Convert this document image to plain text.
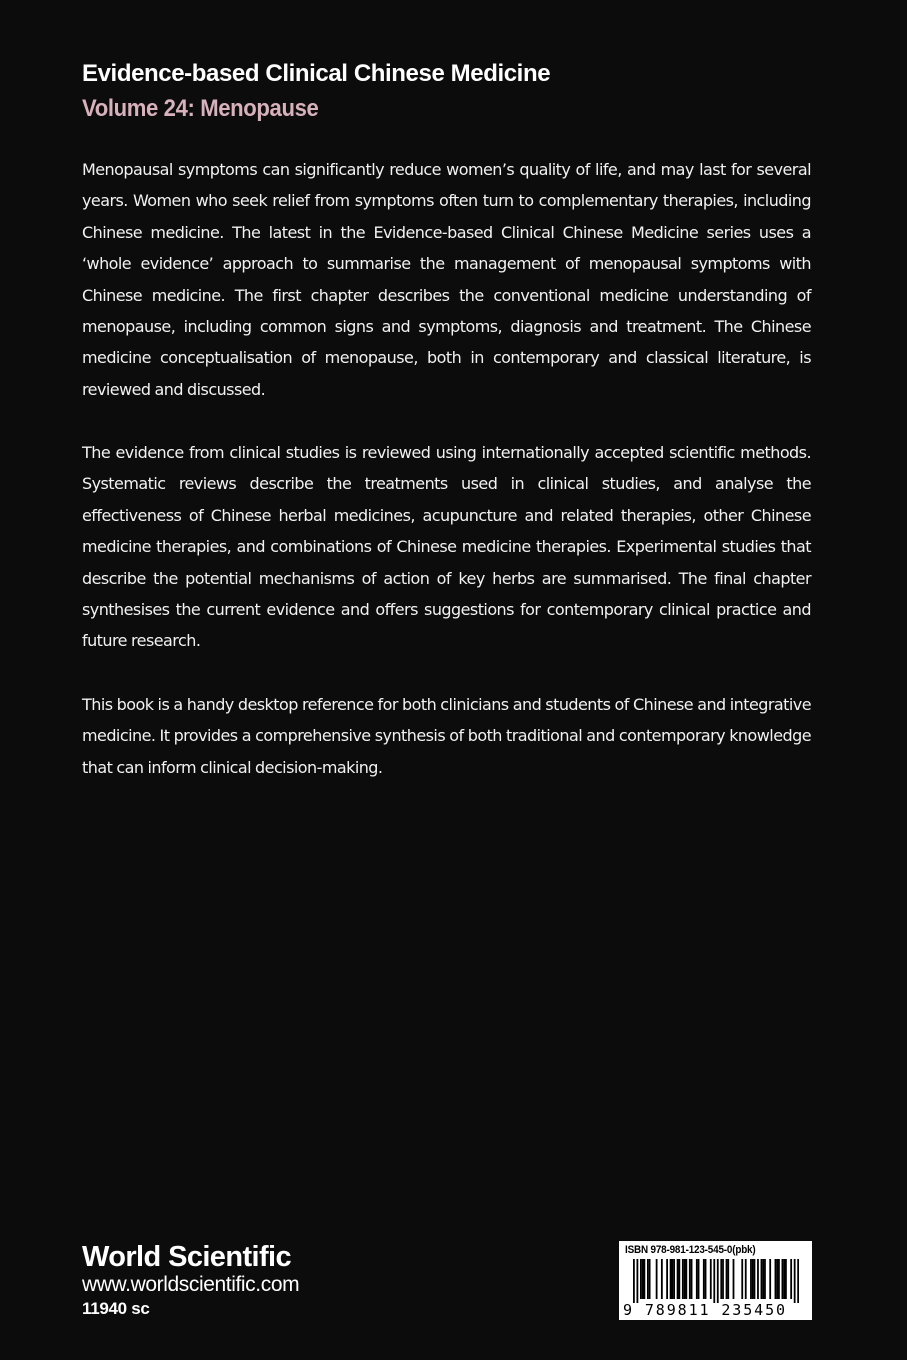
Evidence-based Clinical Chinese Medicine
Volume 24: Menopause

Menopausal symptoms can significantly reduce women’s quality of life, and may last for several years. Women who seek relief from symptoms often turn to complementary therapies, including Chinese medicine. The latest in the Evidence-based Clinical Chinese Medicine series uses a ‘whole evidence’ approach to summarise the management of menopausal symptoms with Chinese medicine. The first chapter describes the conventional medicine understanding of menopause, including common signs and symptoms, diagnosis and treatment. The Chinese medicine conceptualisation of menopause, both in contemporary and classical literature, is reviewed and discussed.

The evidence from clinical studies is reviewed using internationally accepted scientific methods. Systematic reviews describe the treatments used in clinical studies, and analyse the effectiveness of Chinese herbal medicines, acupuncture and related therapies, other Chinese medicine therapies, and combinations of Chinese medicine therapies. Experimental studies that describe the potential mechanisms of action of key herbs are summarised. The final chapter synthesises the current evidence and offers suggestions for contemporary clinical practice and future research.

This book is a handy desktop reference for both clinicians and students of Chinese and integrative medicine. It provides a comprehensive synthesis of both traditional and contemporary knowledge that can inform clinical decision-making.

World Scientific
www.worldscientific.com
11940 sc
ISBN 978-981-123-545-0(pbk)
9 789811 235450
